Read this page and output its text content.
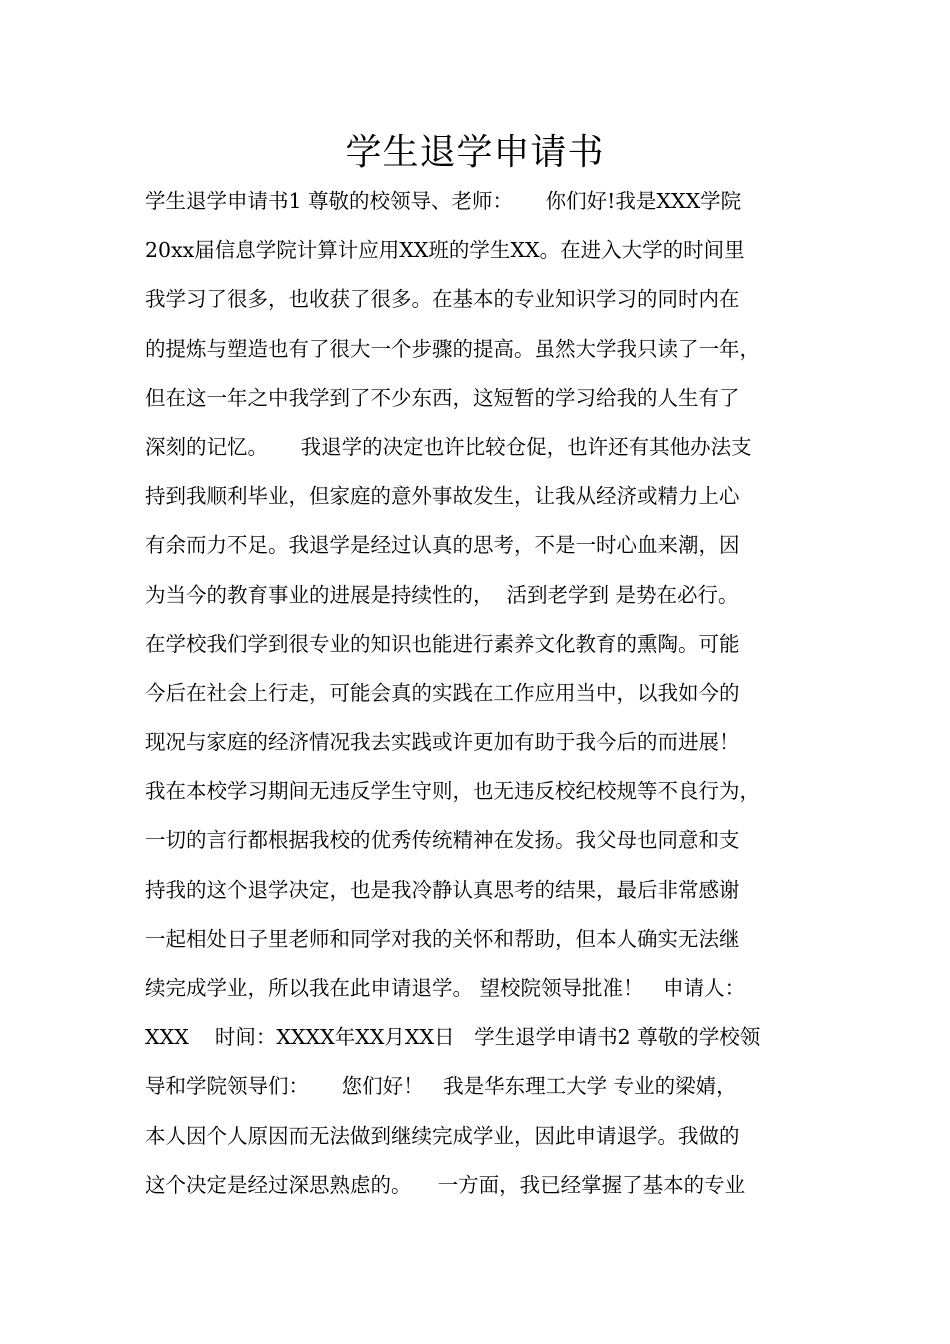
学生退学申请书
学生退学申请书1 尊敬的校领导、老师：     你们好!我是XXX学院
20xx届信息学院计算计应用XX班的学生XX。在进入大学的时间里
我学习了很多，也收获了很多。在基本的专业知识学习的同时内在
的提炼与塑造也有了很大一个步骤的提高。虽然大学我只读了一年，
但在这一年之中我学到了不少东西，这短暂的学习给我的人生有了
深刻的记忆。     我退学的决定也许比较仓促，也许还有其他办法支
持到我顺利毕业，但家庭的意外事故发生，让我从经济或精力上心
有余而力不足。我退学是经过认真的思考，不是一时心血来潮，因
为当今的教育事业的进展是持续性的，  活到老学到 是势在必行。
在学校我们学到很专业的知识也能进行素养文化教育的熏陶。可能
今后在社会上行走，可能会真的实践在工作应用当中，以我如今的
现况与家庭的经济情况我去实践或许更加有助于我今后的而进展！
我在本校学习期间无违反学生守则，也无违反校纪校规等不良行为，
一切的言行都根据我校的优秀传统精神在发扬。我父母也同意和支
持我的这个退学决定，也是我冷静认真思考的结果，最后非常感谢
一起相处日子里老师和同学对我的关怀和帮助，但本人确实无法继
续完成学业，所以我在此申请退学。 望校院领导批准！   申请人：
XXX    时间：XXXX年XX月XX日   学生退学申请书2 尊敬的学校领
导和学院领导们：     您们好！   我是华东理工大学 专业的梁婧，
本人因个人原因而无法做到继续完成学业，因此申请退学。我做的
这个决定是经过深思熟虑的。    一方面，我已经掌握了基本的专业
